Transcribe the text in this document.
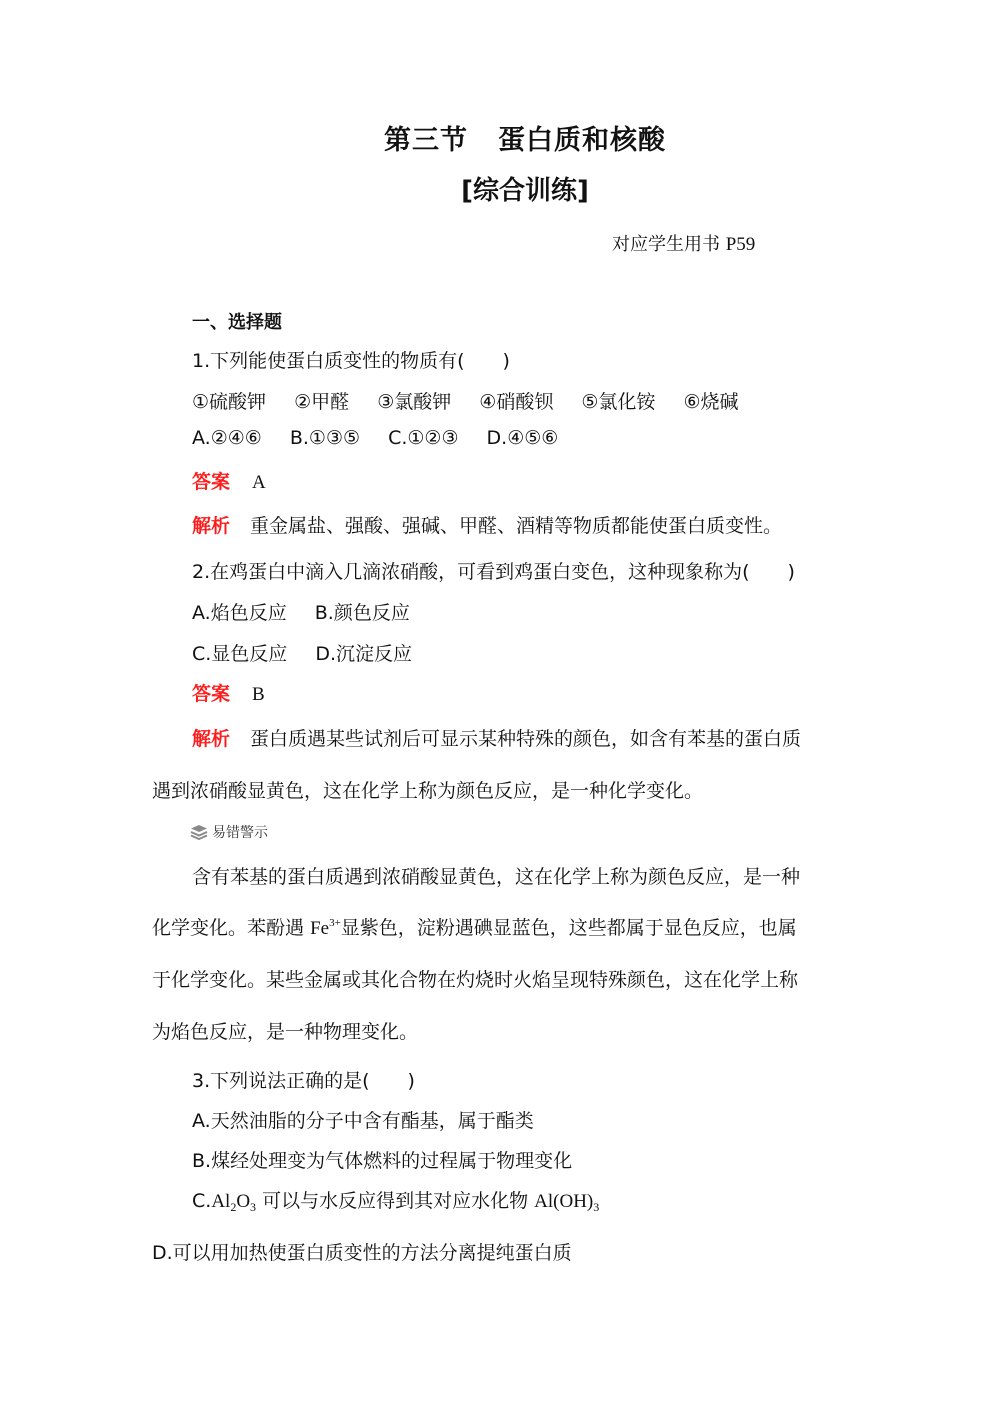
第三节 蛋白质和核酸
[综合训练]
对应学生用书 P59
一、选择题
1.下列能使蛋白质变性的物质有( )
①硫酸钾 ②甲醛 ③氯酸钾 ④硝酸钡 ⑤氯化铵 ⑥烧碱
A.②④⑥ B.①③⑤ C.①②③ D.④⑤⑥
答案 A
解析 重金属盐、强酸、强碱、甲醛、酒精等物质都能使蛋白质变性。
2.在鸡蛋白中滴入几滴浓硝酸，可看到鸡蛋白变色，这种现象称为( )
A.焰色反应 B.颜色反应
C.显色反应 D.沉淀反应
答案 B
解析 蛋白质遇某些试剂后可显示某种特殊的颜色，如含有苯基的蛋白质
遇到浓硝酸显黄色，这在化学上称为颜色反应，是一种化学变化。
易错警示
含有苯基的蛋白质遇到浓硝酸显黄色，这在化学上称为颜色反应，是一种
化学变化。苯酚遇 $Fe^{3+}$显紫色，淀粉遇碘显蓝色，这些都属于显色反应，也属
于化学变化。某些金属或其化合物在灼烧时火焰呈现特殊颜色，这在化学上称
为焰色反应，是一种物理变化。
3.下列说法正确的是( )
A.天然油脂的分子中含有酯基，属于酯类
B.煤经处理变为气体燃料的过程属于物理变化
$C.Al_2O_3$ 可以与水反应得到其对应水化物 $Al(OH)_3$
D.可以用加热使蛋白质变性的方法分离提纯蛋白质
